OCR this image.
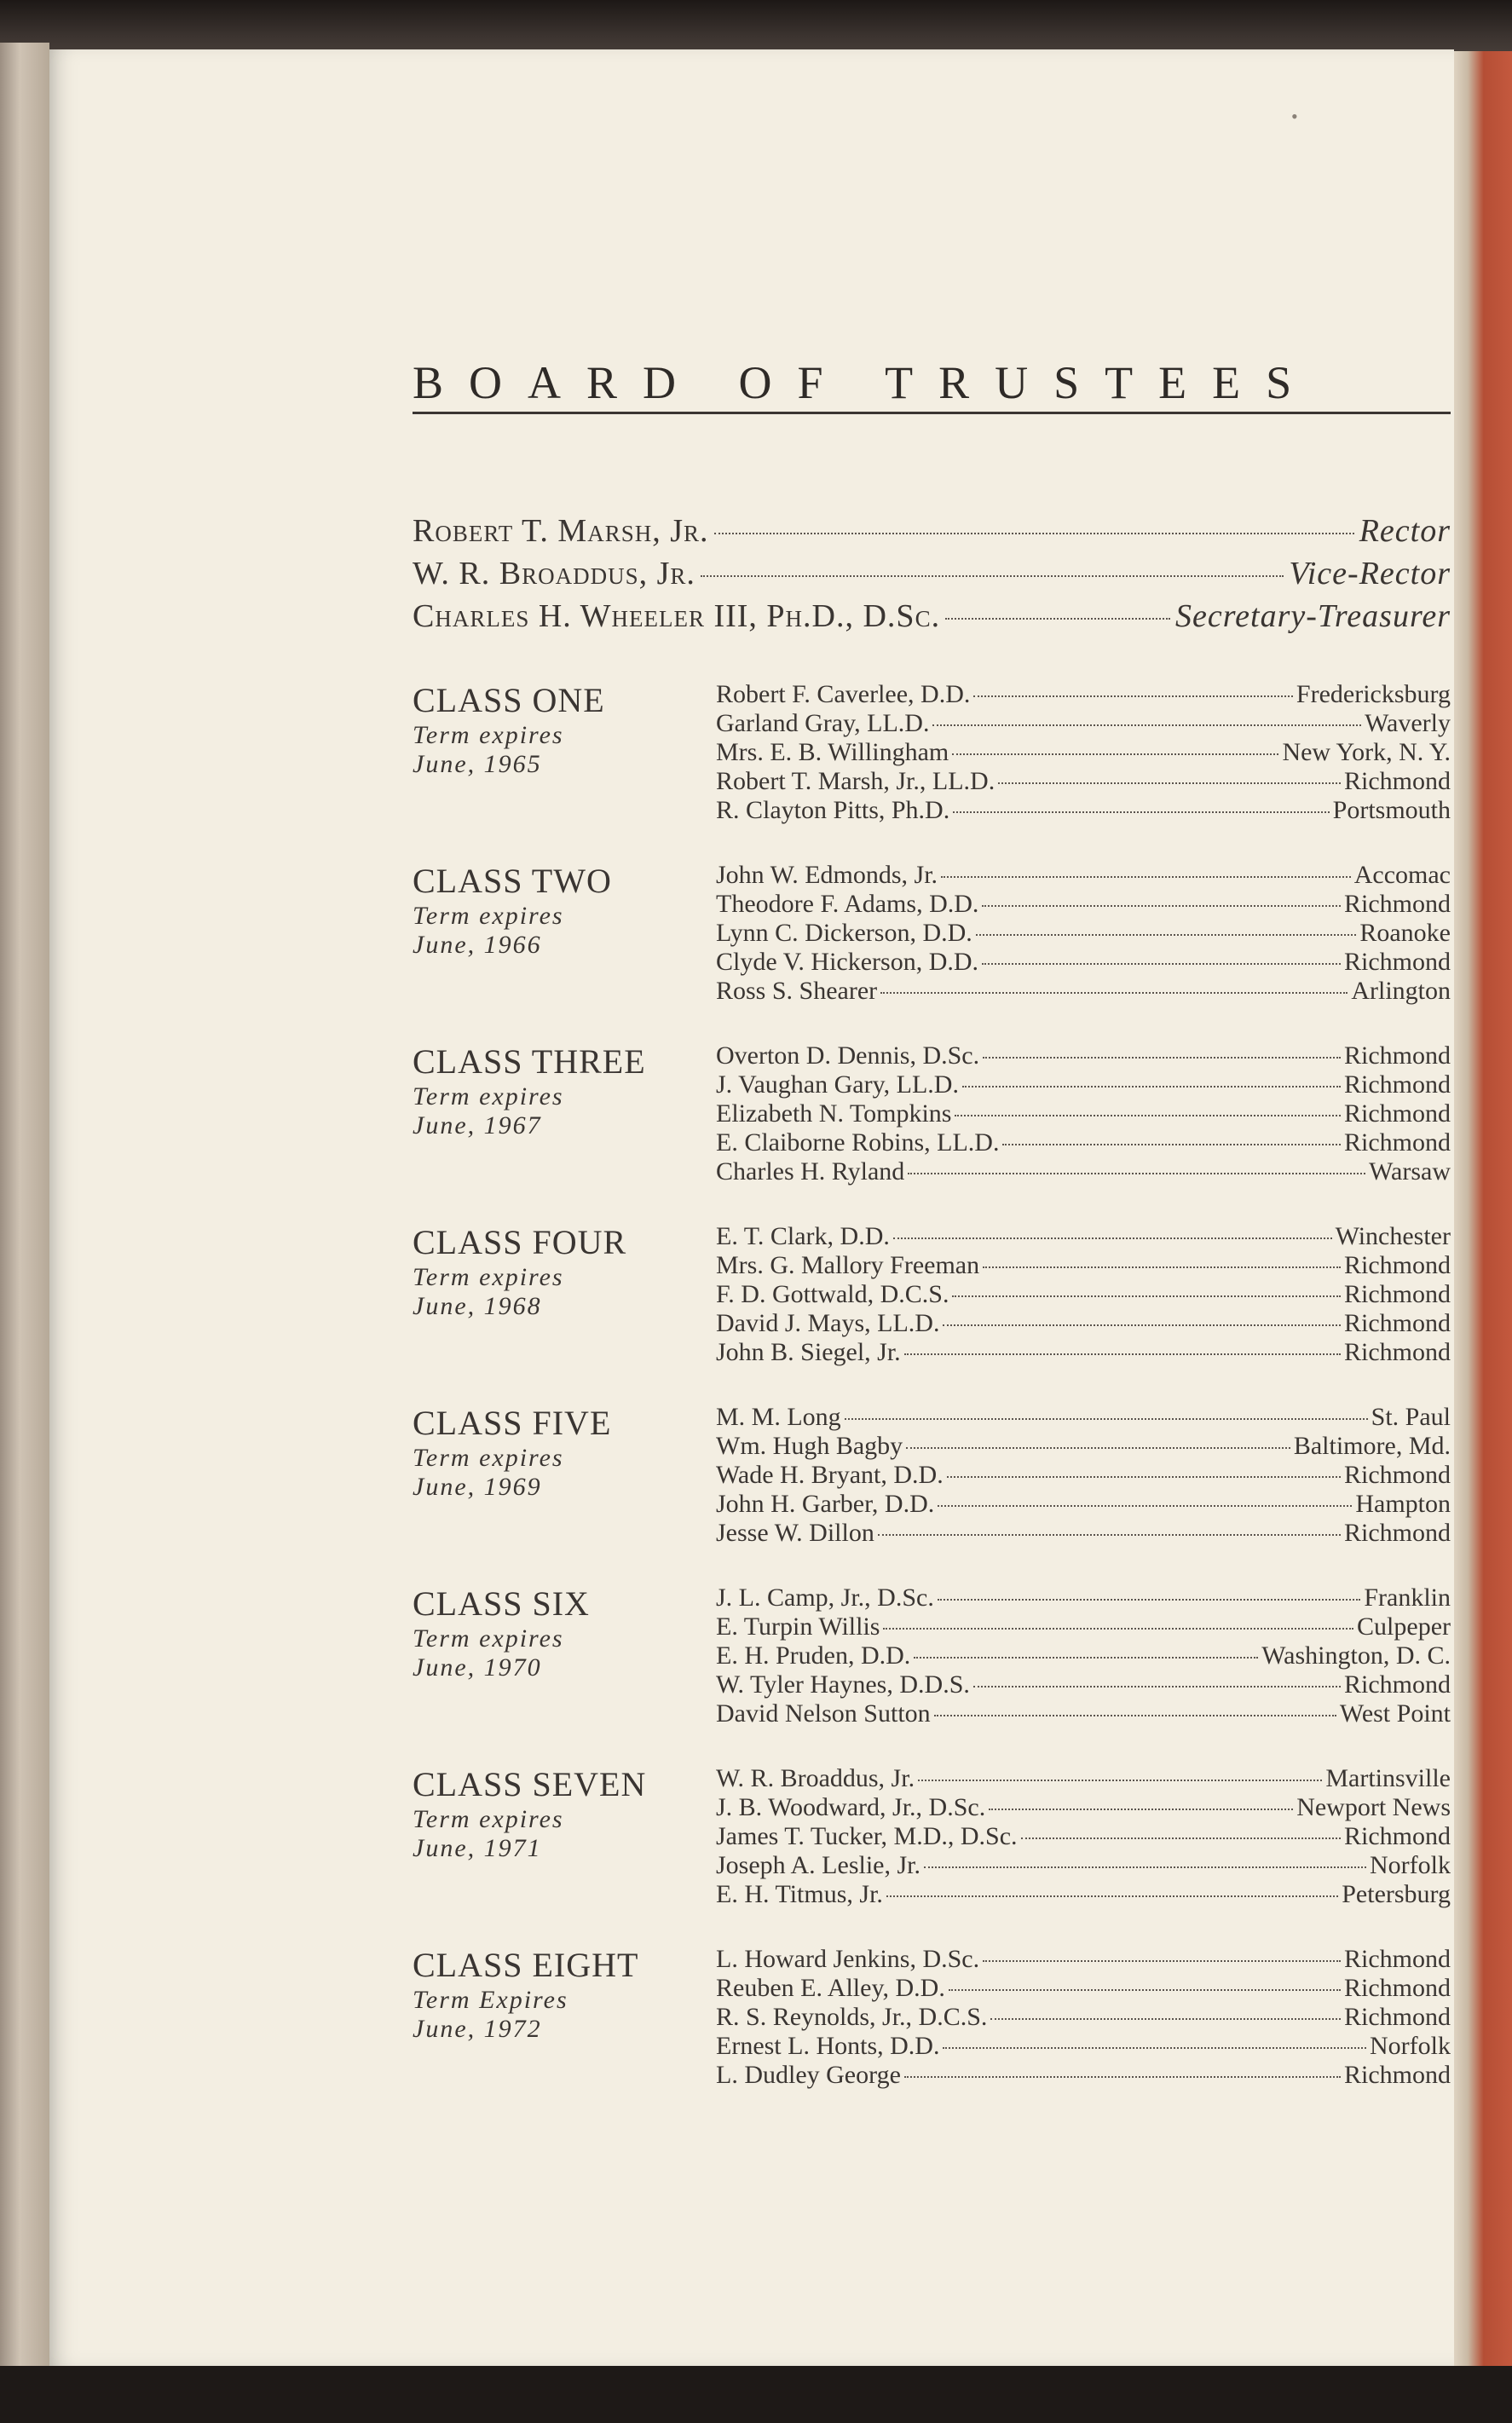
•
BOARD OF TRUSTEES
Robert T. Marsh, Jr.	Rector
W. R. Broaddus, Jr.	Vice-Rector
Charles H. Wheeler III, Ph.D., D.Sc.	Secretary-Treasurer
CLASS ONE
Term expires
June, 1965
Robert F. Caverlee, D.D.	Fredericksburg
Garland Gray, LL.D.	Waverly
Mrs. E. B. Willingham	New York, N. Y.
Robert T. Marsh, Jr., LL.D.	Richmond
R. Clayton Pitts, Ph.D.	Portsmouth
CLASS TWO
Term expires
June, 1966
John W. Edmonds, Jr.	Accomac
Theodore F. Adams, D.D.	Richmond
Lynn C. Dickerson, D.D.	Roanoke
Clyde V. Hickerson, D.D.	Richmond
Ross S. Shearer	Arlington
CLASS THREE
Term expires
June, 1967
Overton D. Dennis, D.Sc.	Richmond
J. Vaughan Gary, LL.D.	Richmond
Elizabeth N. Tompkins	Richmond
E. Claiborne Robins, LL.D.	Richmond
Charles H. Ryland	Warsaw
CLASS FOUR
Term expires
June, 1968
E. T. Clark, D.D.	Winchester
Mrs. G. Mallory Freeman	Richmond
F. D. Gottwald, D.C.S.	Richmond
David J. Mays, LL.D.	Richmond
John B. Siegel, Jr.	Richmond
CLASS FIVE
Term expires
June, 1969
M. M. Long	St. Paul
Wm. Hugh Bagby	Baltimore, Md.
Wade H. Bryant, D.D.	Richmond
John H. Garber, D.D.	Hampton
Jesse W. Dillon	Richmond
CLASS SIX
Term expires
June, 1970
J. L. Camp, Jr., D.Sc.	Franklin
E. Turpin Willis	Culpeper
E. H. Pruden, D.D.	Washington, D. C.
W. Tyler Haynes, D.D.S.	Richmond
David Nelson Sutton	West Point
CLASS SEVEN
Term expires
June, 1971
W. R. Broaddus, Jr.	Martinsville
J. B. Woodward, Jr., D.Sc.	Newport News
James T. Tucker, M.D., D.Sc.	Richmond
Joseph A. Leslie, Jr.	Norfolk
E. H. Titmus, Jr.	Petersburg
CLASS EIGHT
Term Expires
June, 1972
L. Howard Jenkins, D.Sc.	Richmond
Reuben E. Alley, D.D.	Richmond
R. S. Reynolds, Jr., D.C.S.	Richmond
Ernest L. Honts, D.D.	Norfolk
L. Dudley George	Richmond
